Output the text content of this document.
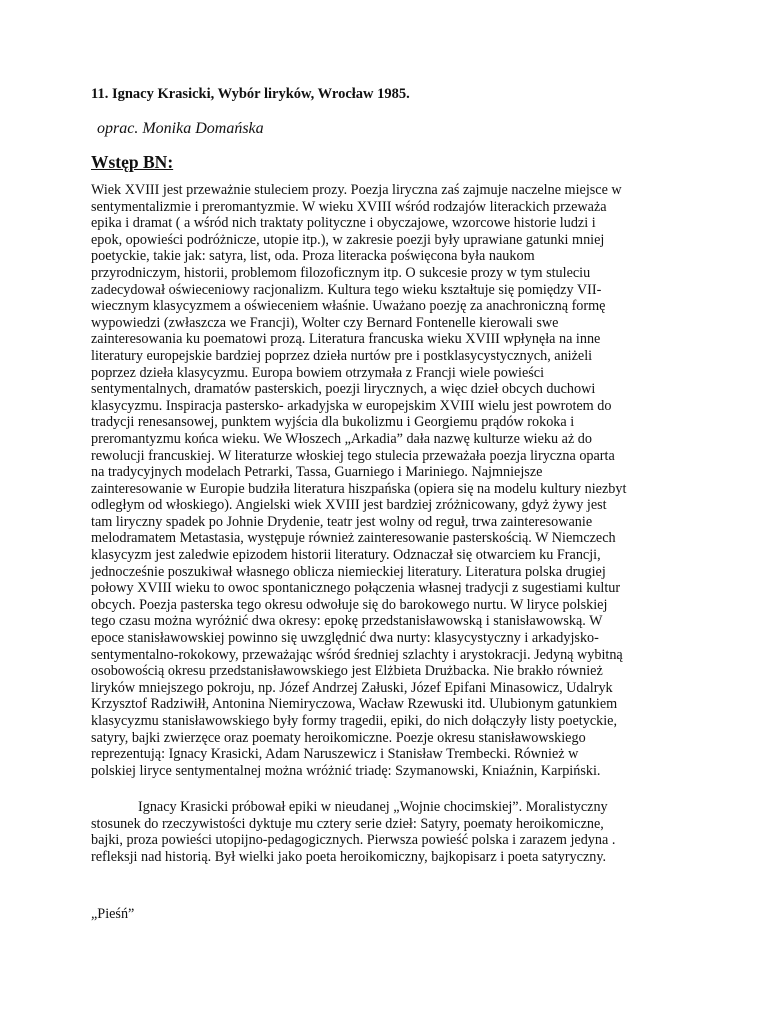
11. Ignacy Krasicki, Wybór liryków, Wrocław 1985.
oprac. Monika Domańska
Wstęp BN:
Wiek XVIII jest przeważnie stuleciem prozy. Poezja liryczna zaś zajmuje naczelne miejsce w
sentymentalizmie i preromantyzmie. W wieku XVIII wśród rodzajów literackich przeważa
epika i dramat ( a wśród nich traktaty polityczne i obyczajowe, wzorcowe historie ludzi i
epok, opowieści podróżnicze, utopie itp.), w zakresie poezji były uprawiane gatunki mniej
poetyckie, takie jak: satyra, list, oda. Proza literacka poświęcona była naukom
przyrodniczym, historii, problemom filozoficznym itp. O sukcesie prozy w tym stuleciu
zadecydował oświeceniowy racjonalizm. Kultura tego wieku kształtuje się pomiędzy VII-
wiecznym klasycyzmem a oświeceniem właśnie. Uważano poezję za anachroniczną formę
wypowiedzi (zwłaszcza we Francji), Wolter czy Bernard Fontenelle kierowali swe
zainteresowania ku poematowi prozą. Literatura francuska wieku XVIII wpłynęła na inne
literatury europejskie bardziej poprzez dzieła nurtów pre i postklasycystycznych, aniżeli
poprzez dzieła klasycyzmu. Europa bowiem otrzymała z Francji wiele powieści
sentymentalnych, dramatów pasterskich, poezji lirycznych, a więc dzieł obcych duchowi
klasycyzmu. Inspiracja pastersko- arkadyjska w europejskim XVIII wielu jest powrotem do
tradycji renesansowej, punktem wyjścia dla bukolizmu i Georgiemu prądów rokoka i
preromantyzmu końca wieku. We Włoszech „Arkadia” dała nazwę kulturze wieku aż do
rewolucji francuskiej. W literaturze włoskiej tego stulecia przeważała poezja liryczna oparta
na tradycyjnych modelach Petrarki, Tassa, Guarniego i Mariniego. Najmniejsze
zainteresowanie w Europie budziła literatura hiszpańska (opiera się na modelu kultury niezbyt
odległym od włoskiego). Angielski wiek XVIII jest bardziej zróżnicowany, gdyż żywy jest
tam liryczny spadek po Johnie Drydenie, teatr jest wolny od reguł, trwa zainteresowanie
melodramatem Metastasia, występuje również zainteresowanie pasterskością. W Niemczech
klasycyzm jest zaledwie epizodem historii literatury. Odznaczał się otwarciem ku Francji,
jednocześnie poszukiwał własnego oblicza niemieckiej literatury. Literatura polska drugiej
połowy XVIII wieku to owoc spontanicznego połączenia własnej tradycji z sugestiami kultur
obcych. Poezja pasterska tego okresu odwołuje się do barokowego nurtu. W liryce polskiej
tego czasu można wyróżnić dwa okresy: epokę przedstanisławowską i stanisławowską. W
epoce stanisławowskiej powinno się uwzględnić dwa nurty: klasycystyczny i arkadyjsko-
sentymentalno-rokokowy, przeważając wśród średniej szlachty i arystokracji. Jedyną wybitną
osobowością okresu przedstanisławowskiego jest Elżbieta Drużbacka. Nie brakło również
liryków mniejszego pokroju, np. Józef Andrzej Załuski, Józef Epifani Minasowicz, Udalryk
Krzysztof Radziwiłł, Antonina Niemiryczowa, Wacław Rzewuski itd. Ulubionym gatunkiem
klasycyzmu stanisławowskiego były formy tragedii, epiki, do nich dołączyły listy poetyckie,
satyry, bajki zwierzęce oraz poematy heroikomiczne. Poezje okresu stanisławowskiego
reprezentują: Ignacy Krasicki, Adam Naruszewicz i Stanisław Trembecki. Również w
polskiej liryce sentymentalnej można wróżnić triadę: Szymanowski, Kniaźnin, Karpiński.
Ignacy Krasicki próbował epiki w nieudanej „Wojnie chocimskiej”. Moralistyczny
stosunek do rzeczywistości dyktuje mu cztery serie dzieł: Satyry, poematy heroikomiczne,
bajki, proza powieści utopijno-pedagogicznych. Pierwsza powieść polska i zarazem jedyna .
refleksji nad historią. Był wielki jako poeta heroikomiczny, bajkopisarz i poeta satyryczny.
„Pieśń”
